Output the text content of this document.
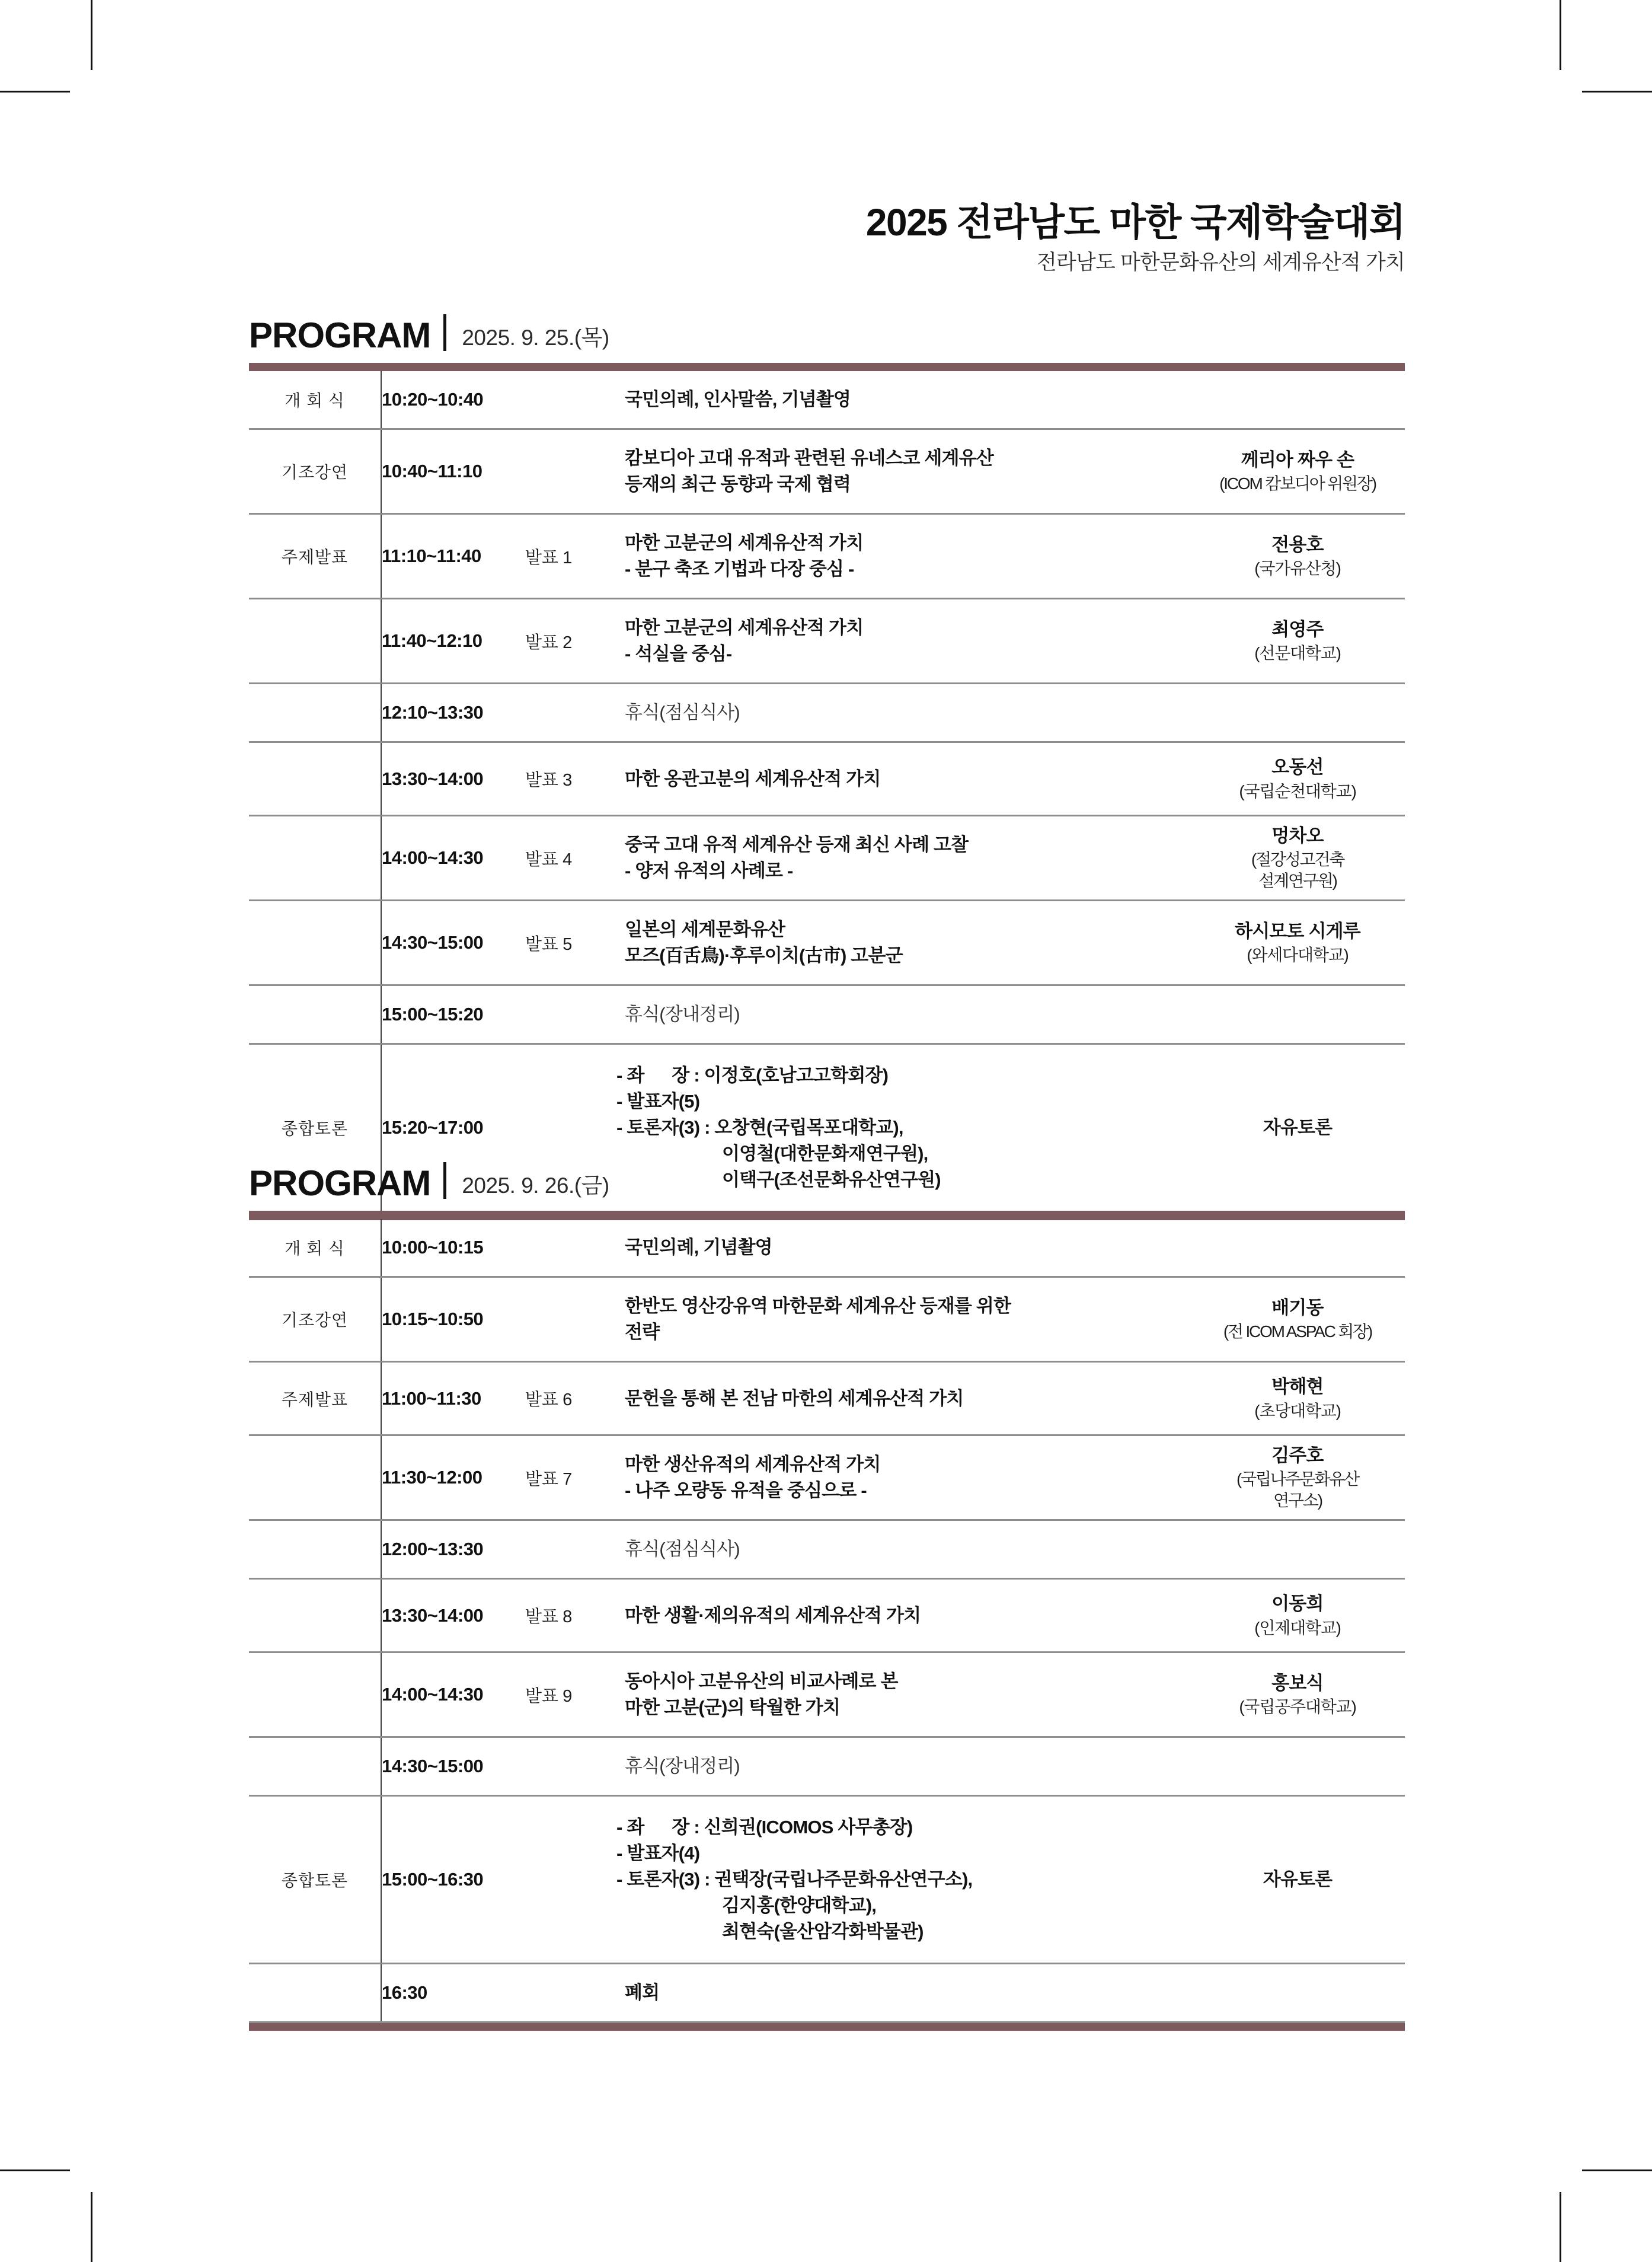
2025 전라남도 마한 국제학술대회
전라남도 마한문화유산의 세계유산적 가치
PROGRAM 2025. 9. 25.(목)

개 회 식	10:20~10:40		국민의례, 인사말씀, 기념촬영	

기조강연	10:40~11:10		캄보디아 고대 유적과 관련된 유네스코 세계유산
등재의 최근 동향과 국제 협력	께리아 짜우 손
(ICOM 캄보디아 위원장)

주제발표	11:10~11:40	발표 1	마한 고분군의 세계유산적 가치
- 분구 축조 기법과 다장 중심 -	전용호
(국가유산청)

	11:40~12:10	발표 2	마한 고분군의 세계유산적 가치
- 석실을 중심-	최영주
(선문대학교)

	12:10~13:30		휴식(점심식사)	

	13:30~14:00	발표 3	마한 옹관고분의 세계유산적 가치	오동선
(국립순천대학교)

	14:00~14:30	발표 4	중국 고대 유적 세계유산 등재 최신 사례 고찰
- 양저 유적의 사례로 -	멍차오
(절강성고건축
설계연구원)

	14:30~15:00	발표 5	일본의 세계문화유산
모즈(百舌鳥)·후루이치(古市) 고분군	하시모토 시게루
(와세다대학교)

	15:00~15:20		휴식(장내정리)	

종합토론	15:20~17:00		- 좌      장 : 이정호(호남고고학회장)
- 발표자(5)
- 토론자(3) : 오창현(국립목포대학교),
이영철(대한문화재연구원),
이택구(조선문화유산연구원)	자유토론

PROGRAM 2025. 9. 26.(금)

개 회 식	10:00~10:15		국민의례, 기념촬영	

기조강연	10:15~10:50		한반도 영산강유역 마한문화 세계유산 등재를 위한
전략	배기동
(전 ICOM ASPAC 회장)

주제발표	11:00~11:30	발표 6	문헌을 통해 본 전남 마한의 세계유산적 가치	박해현
(초당대학교)

	11:30~12:00	발표 7	마한 생산유적의 세계유산적 가치
- 나주 오량동 유적을 중심으로 -	김주호
(국립나주문화유산
연구소)

	12:00~13:30		휴식(점심식사)	

	13:30~14:00	발표 8	마한 생활·제의유적의 세계유산적 가치	이동희
(인제대학교)

	14:00~14:30	발표 9	동아시아 고분유산의 비교사례로 본
마한 고분(군)의 탁월한 가치	홍보식
(국립공주대학교)

	14:30~15:00		휴식(장내정리)	

종합토론	15:00~16:30		- 좌      장 : 신희권(ICOMOS 사무총장)
- 발표자(4)
- 토론자(3) : 권택장(국립나주문화유산연구소),
김지홍(한양대학교),
최현숙(울산암각화박물관)	자유토론
	16:30		폐회	
